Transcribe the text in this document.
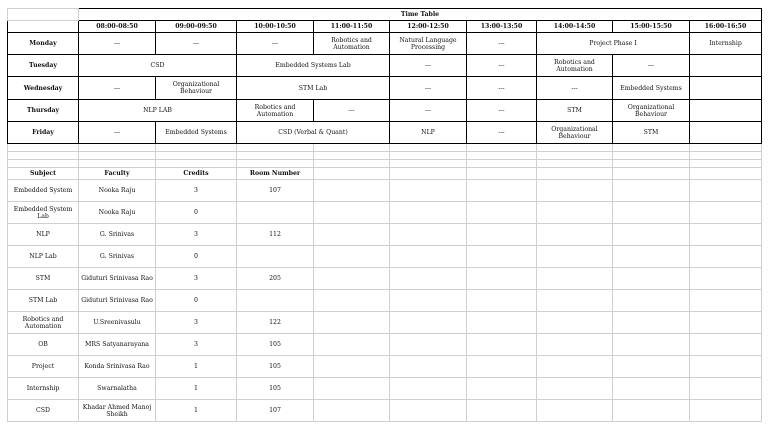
	Time Table								
	08:00-08:50	09:00-09:50	10:00-10:50	11:00-11:50	12:00-12:50	13:00-13:50	14:00-14:50	15:00-15:50	16:00-16:50
Monday	---	---	---	Robotics and Automation	Natural Language Processing	---	Project Phase I		Internship
Tuesday	CSD		Embedded Systems Lab		---	---	Robotics and Automation	---	
Wednesday	---	Organizational Behaviour	STM Lab		---	---	---	Embedded Systems	
Thursday	NLP LAB		Robotics and Automation	---	---	---	STM	Organizational Behaviour	
Friday	---	Embedded Systems	CSD (Verbal & Quant)		NLP	---	Organizational Behaviour	STM	

Subject	Faculty	Credits	Room Number						
Embedded System	Nooka Raju	3	107						
Embedded System Lab	Nooka Raju	0							
NLP	G. Srinivas	3	112						
NLP Lab	G. Srinivas	0							
STM	Giduturi Srinivasa Rao	3	205						
STM Lab	Giduturi Srinivasa Rao	0							
Robotics and Automation	U.Sreenivasulu	3	122						
OB	MRS Satyanarayana	3	105						
Project	Konda Srinivasa Rao	1	105						
Internship	Swarnalatha	1	105						
CSD	Khadar Ahmed Manoj Sheikh	1	107						
